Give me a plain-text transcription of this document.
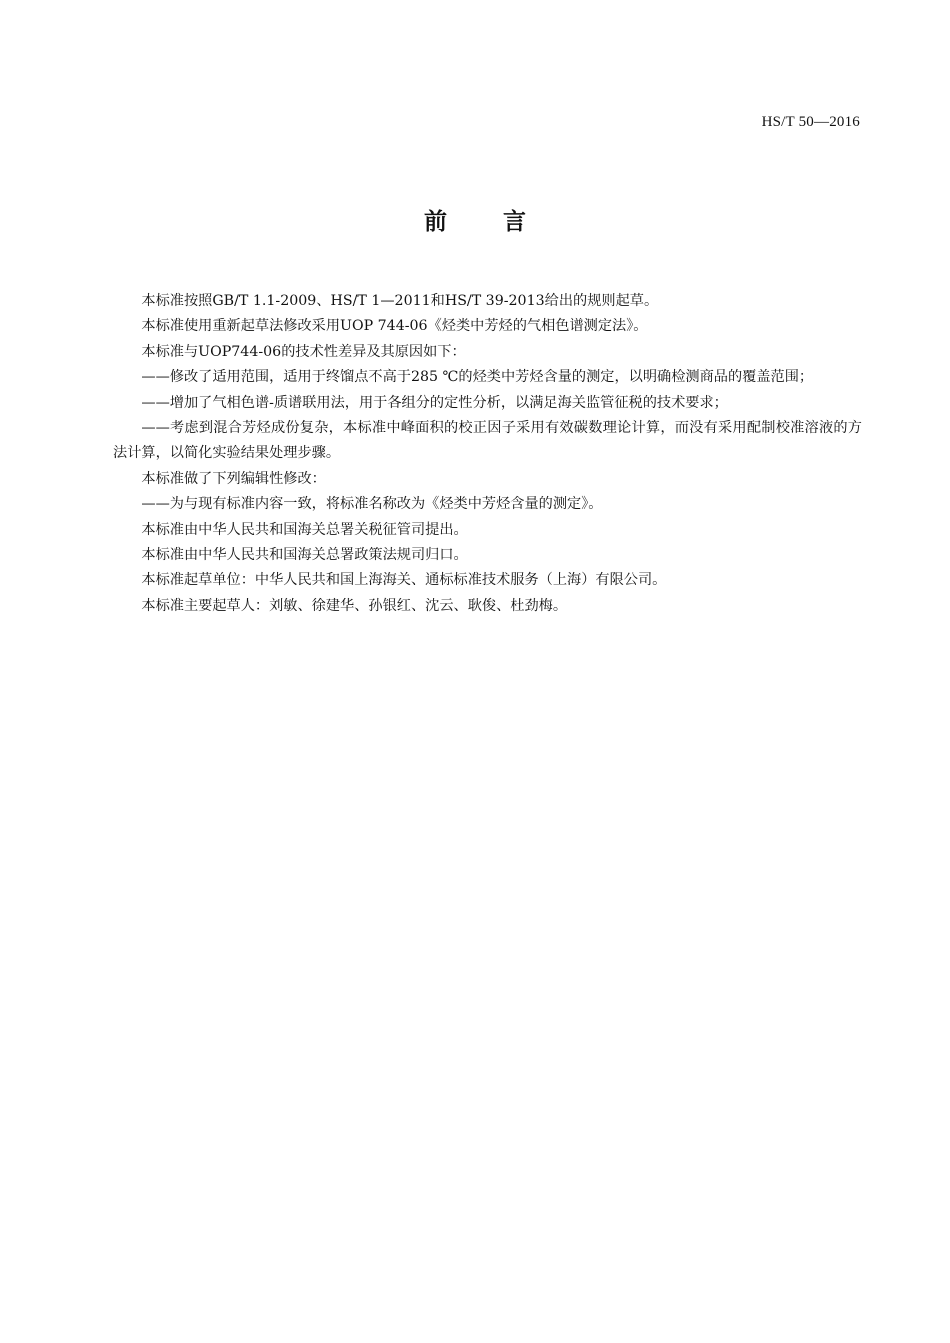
HS/T 50—2016
前 言

本标准按照GB/T 1.1-2009、HS/T 1—2011和HS/T 39-2013给出的规则起草。

本标准使用重新起草法修改采用UOP 744-06《烃类中芳烃的气相色谱测定法》。

本标准与UOP744-06的技术性差异及其原因如下：

——修改了适用范围，适用于终馏点不高于285 ℃的烃类中芳烃含量的测定，以明确检测商品的覆盖范围；

——增加了气相色谱-质谱联用法，用于各组分的定性分析，以满足海关监管征税的技术要求；

——考虑到混合芳烃成份复杂，本标准中峰面积的校正因子采用有效碳数理论计算，而没有采用配制校准溶液的方法计算，以简化实验结果处理步骤。

本标准做了下列编辑性修改：

——为与现有标准内容一致，将标准名称改为《烃类中芳烃含量的测定》。

本标准由中华人民共和国海关总署关税征管司提出。

本标准由中华人民共和国海关总署政策法规司归口。

本标准起草单位：中华人民共和国上海海关、通标标准技术服务（上海）有限公司。

本标准主要起草人：刘敏、徐建华、孙银红、沈云、耿俊、杜劲梅。
